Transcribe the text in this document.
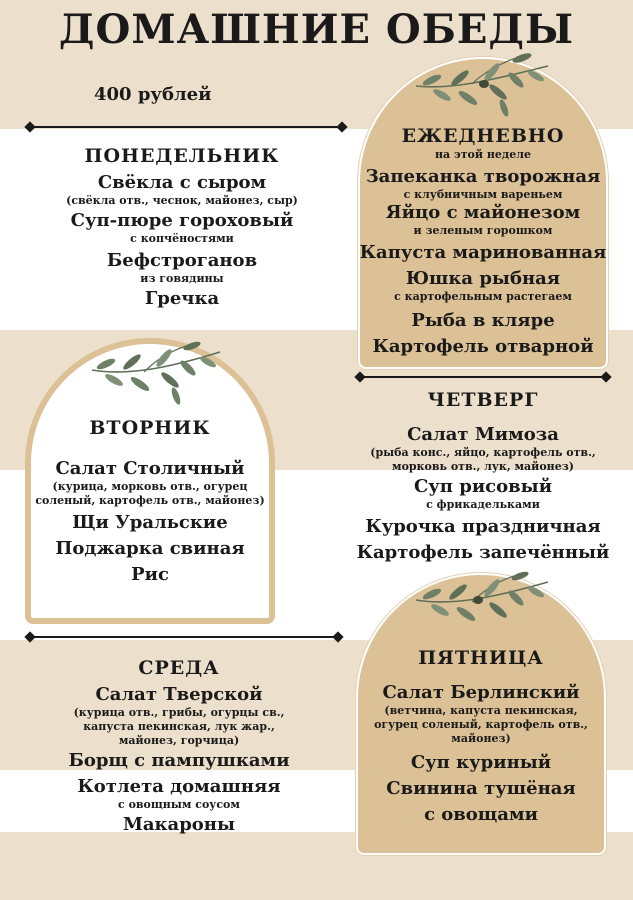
ДОМАШНИЕ ОБЕДЫ
400 рублей
ЕЖЕДНЕВНО
на этой неделе
Запеканка творожная
с клубничным вареньем
Яйцо с майонезом
и зеленым горошком
Капуста маринованная
Юшка рыбная
с картофельным растегаем
Рыба в кляре
Картофель отварной
ПОНЕДЕЛЬНИК
Свёкла с сыром
(свёкла отв., чеснок, майонез, сыр)
Суп-пюре гороховый
с копчёностями
Бефстроганов
из говядины
Гречка
ВТОРНИК
Салат Столичный
(курица, морковь отв., огурец
соленый, картофель отв., майонез)
Щи Уральские
Поджарка свиная
Рис
ЧЕТВЕРГ
Салат Мимоза
(рыба конс., яйцо, картофель отв.,
морковь отв., лук, майонез)
Суп рисовый
с фрикадельками
Курочка праздничная
Картофель запечённый
СРЕДА
Салат Тверской
(курица отв., грибы, огурцы св.,
капуста пекинская, лук жар.,
майонез, горчица)
Борщ с пампушками
Котлета домашняя
с овощным соусом
Макароны
ПЯТНИЦА
Салат Берлинский
(ветчина, капуста пекинская,
огурец соленый, картофель отв.,
майонез)
Суп куриный
Свинина тушёная
с овощами
